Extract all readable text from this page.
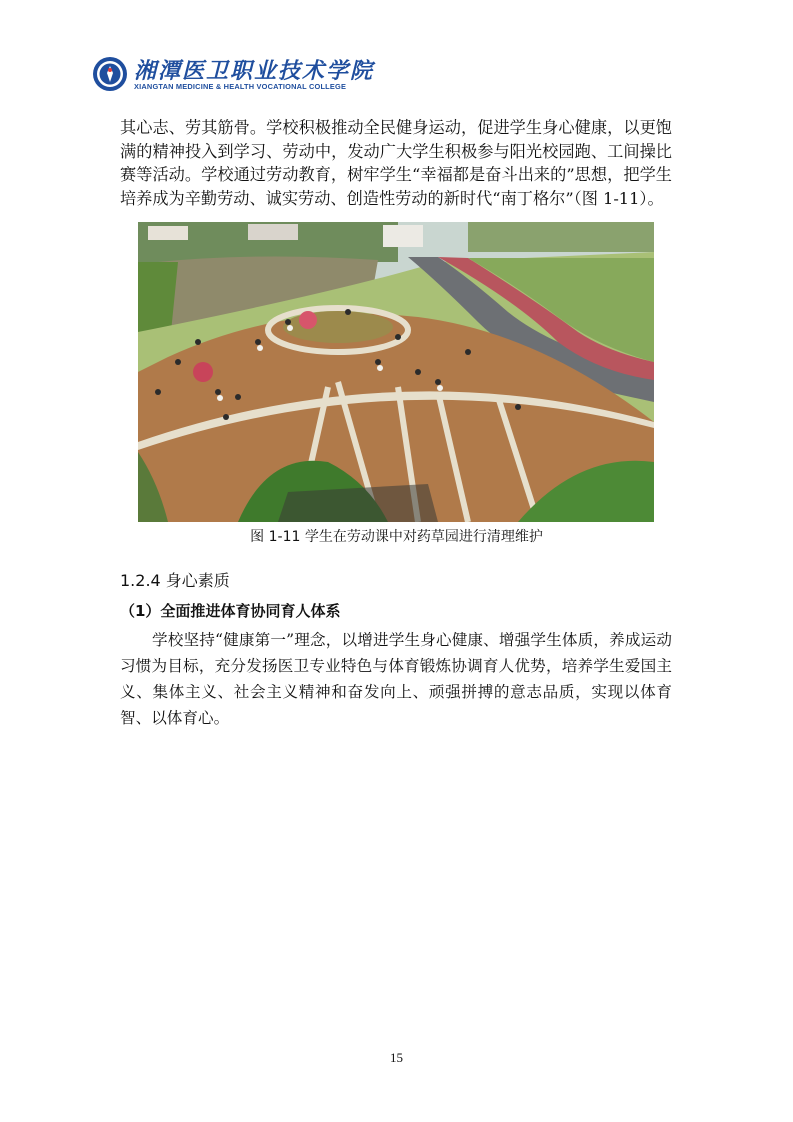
湘潭医卫职业技术学院
XIANGTAN MEDICINE & HEALTH VOCATIONAL COLLEGE
其心志、劳其筋骨。学校积极推动全民健身运动，促进学生身心健康，以更饱满的精神投入到学习、劳动中，发动广大学生积极参与阳光校园跑、工间操比赛等活动。学校通过劳动教育，树牢学生“幸福都是奋斗出来的”思想，把学生培养成为辛勤劳动、诚实劳动、创造性劳动的新时代“南丁格尔”（图 1-11）。
图 1-11 学生在劳动课中对药草园进行清理维护
1.2.4 身心素质
（1）全面推进体育协同育人体系
学校坚持“健康第一”理念，以增进学生身心健康、增强学生体质，养成运动习惯为目标，充分发扬医卫专业特色与体育锻炼协调育人优势，培养学生爱国主义、集体主义、社会主义精神和奋发向上、顽强拼搏的意志品质，实现以体育智、以体育心。
15
